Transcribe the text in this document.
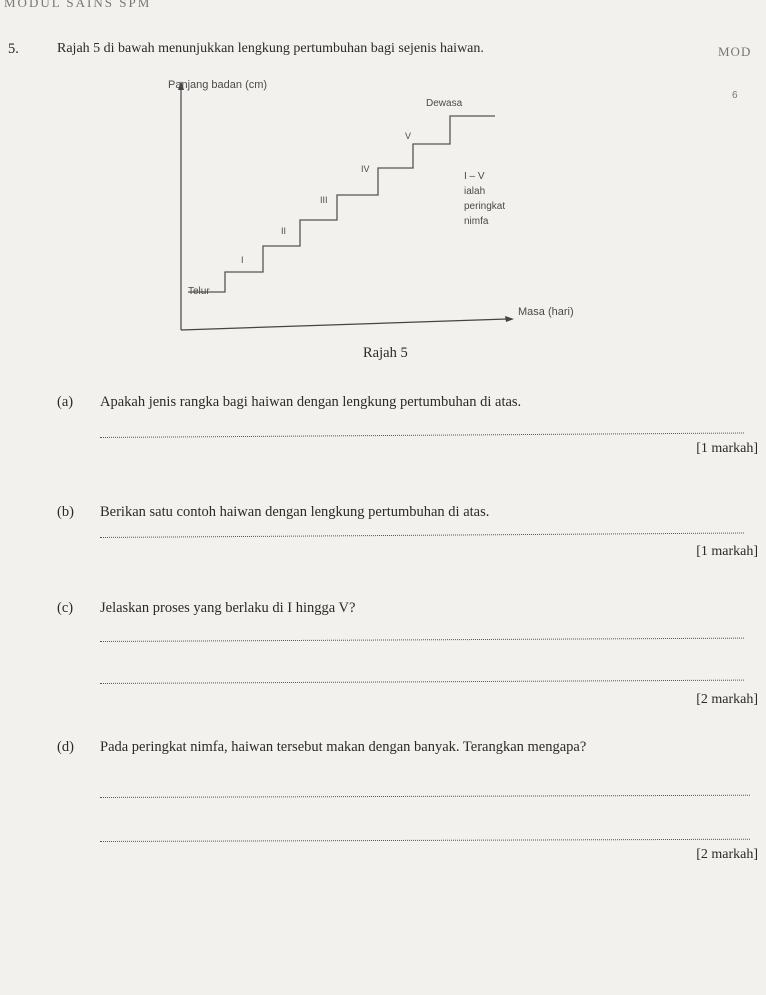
MODUL SAINS SPM
MOD
6
5.	Rajah 5 di bawah menunjukkan lengkung pertumbuhan bagi sejenis haiwan.
Panjang badan (cm)
Masa (hari)
Telur
I
II
III
IV
V
Dewasa
I – V
ialah
peringkat
nimfa
Rajah 5
(a) Apakah jenis rangka bagi haiwan dengan lengkung pertumbuhan di atas.
[1 markah]
(b) Berikan satu contoh haiwan dengan lengkung pertumbuhan di atas.
[1 markah]
(c) Jelaskan proses yang berlaku di I hingga V?
[2 markah]
(d) Pada peringkat nimfa, haiwan tersebut makan dengan banyak. Terangkan mengapa?
[2 markah]
